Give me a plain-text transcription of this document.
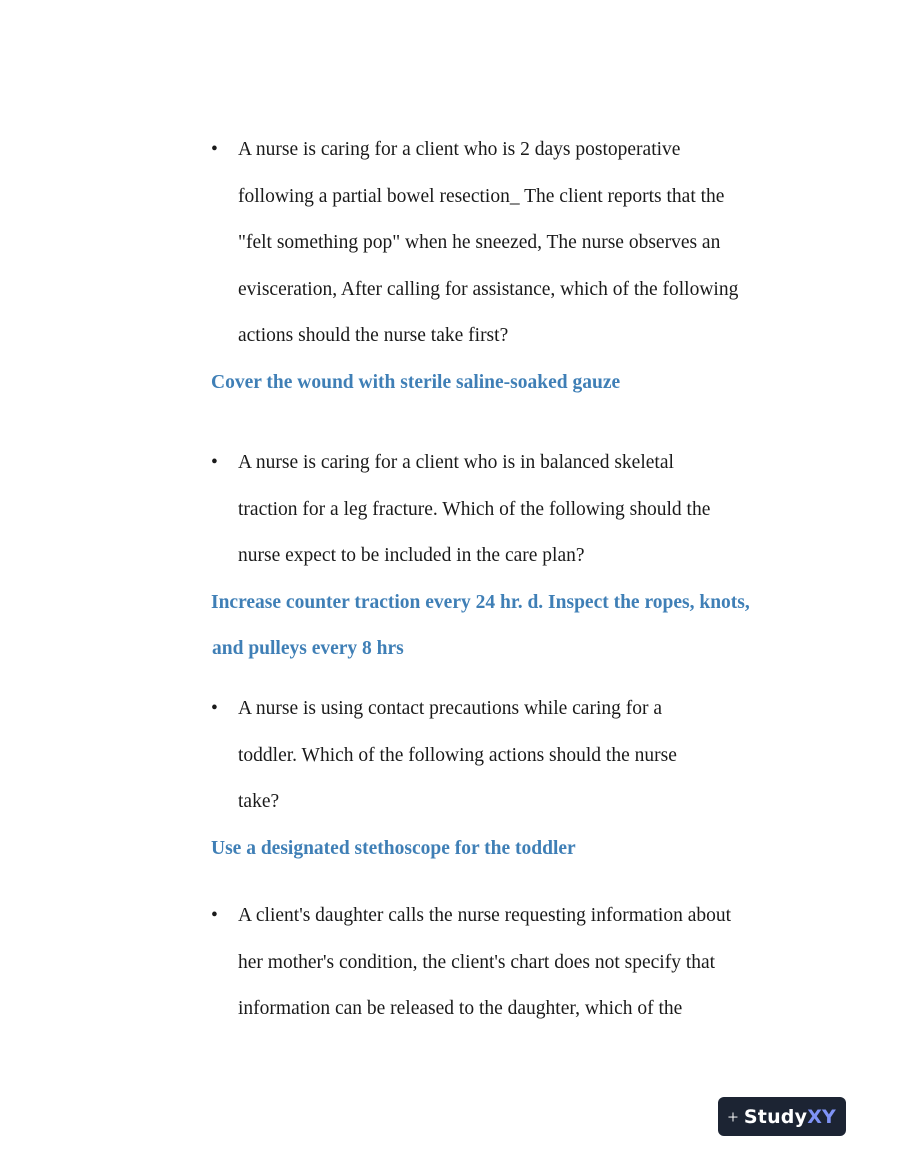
• A nurse is caring for a client who is 2 days postoperative
following a partial bowel resection_ The client reports that the
"felt something pop" when he sneezed, The nurse observes an
evisceration, After calling for assistance, which of the following
actions should the nurse take first?
Cover the wound with sterile saline-soaked gauze
• A nurse is caring for a client who is in balanced skeletal
traction for a leg fracture. Which of the following should the
nurse expect to be included in the care plan?
Increase counter traction every 24 hr. d. Inspect the ropes, knots,
and pulleys every 8 hrs
• A nurse is using contact precautions while caring for a
toddler. Which of the following actions should the nurse
take?
Use a designated stethoscope for the toddler
• A client's daughter calls the nurse requesting information about
her mother's condition, the client's chart does not specify that
information can be released to the daughter, which of the
StudyXY
